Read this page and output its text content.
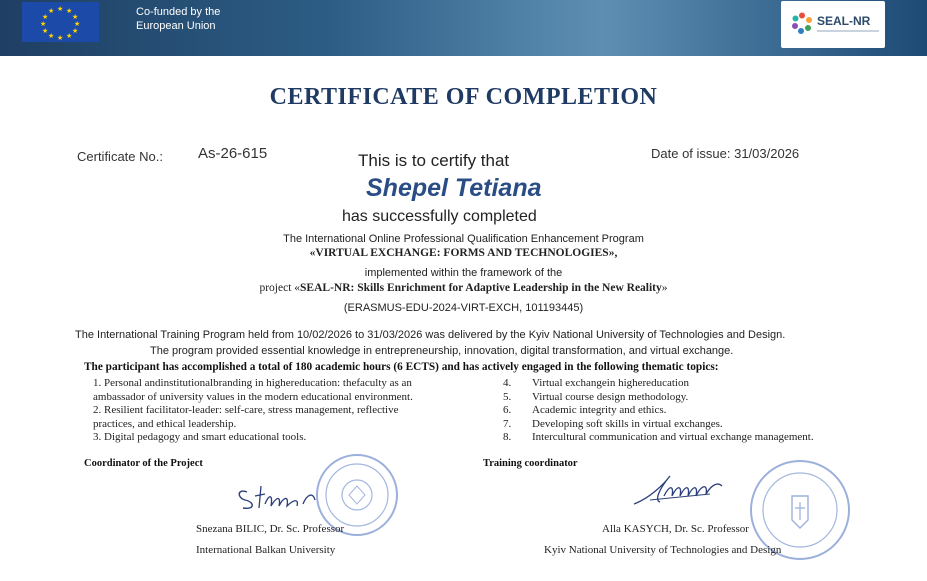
★ ★
★
★
★
★
★
★
★
★
★
★	Co-funded by the
European Union	SEAL-NR
CERTIFICATE OF COMPLETION
Certificate No.: As-26-615	Date of issue: 31/03/2026
This is to certify that
Shepel Tetiana
has successfully completed
The International Online Professional Qualification Enhancement Program
«VIRTUAL EXCHANGE: FORMS AND TECHNOLOGIES»,
implemented within the framework of the
project «SEAL-NR: Skills Enrichment for Adaptive Leadership in the New Reality»
(ERASMUS-EDU-2024-VIRT-EXCH, 101193445)
The International Training Program held from 10/02/2026 to 31/03/2026 was delivered by the Kyiv National University of Technologies and Design.
The program provided essential knowledge in entrepreneurship, innovation, digital transformation, and virtual exchange.
The participant has accomplished a total of 180 academic hours (6 ECTS) and has actively engaged in the following thematic topics:
1. Personal andinstitutionalbranding in highereducation: thefaculty as an
ambassador of university values in the modern educational environment.
2. Resilient facilitator-leader: self-care, stress management, reflective
practices, and ethical leadership.
3. Digital pedagogy and smart educational tools.
4. Virtual exchangein highereducation
5. Virtual course design methodology.
6. Academic integrity and ethics.
7. Developing soft skills in virtual exchanges.
8. Intercultural communication and virtual exchange management.
Coordinator of the Project
Snezana BILIC, Dr. Sc. Professor
International Balkan University
Training coordinator
Alla KASYCH, Dr. Sc. Professor
Kyiv National University of Technologies and Design
